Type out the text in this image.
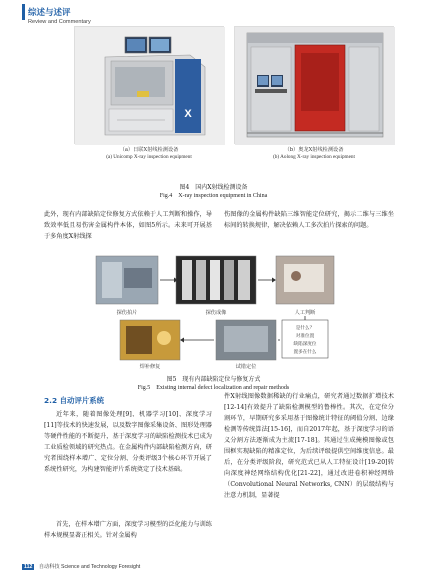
综述与述评
Review and Commentary
X
（a）日联X射线检测设备
(a) Unicomp X-ray inspection equipment
（b）奥龙X射线检测设备
(b) Aolong X-ray inspection equipment
图4　国内X射线检测设备
Fig.4　X-ray inspection equipment in China
此外，现有内部缺陷定位修复方式依赖于人工判断和操作，导致效率低且易伤害金属构件本体，如图5所示。未来可开展基于多角度X射线探
伤图像的金属构件缺陷三维智能定位研究，揭示二维与三维坐标间的转换规律，解决依赖人工多次拍片探索的问题。
探伤拍片	探伤成像	人工判断
是什么？
对准位置
缺陷深度位
置多在什么
焊补修复	试错定位
图5　现有内部缺陷定位与修复方式
Fig.5　Existing internal defect localization and repair methods
2.2 自动评片系统
近年来，随着图像处理[9]、机器学习[10]、深度学习[11]等技术的快速发展，以及数字图像采集设备、图形处理器等硬件性能的不断提升，基于深度学习的缺陷检测技术已成为工业质检领域的研究热点。在金属构件内部缺陷检测方向，研究者围绕样本增广、定位分割、分类评级3个核心环节开展了系统性研究，为构建智能评片系统奠定了技术基础。
首先，在样本增广方面，深度学习模型的泛化能力与训练样本规模显著正相关。针对金属构
件X射线图像数据稀缺的行业痛点，研究者通过数据扩增技术[12-14]有效提升了缺陷检测模型的鲁棒性。其次，在定位分割环节，早期研究多采用基于图像统计特征的阈值分割、边缘检测等传统算法[15-16]，而自2017年起，基于深度学习的语义分割方法逐渐成为主流[17-18]。其通过生成掩模图像或包围框实现缺陷的精准定位，为后续评级提供空间维度信息。最后，在分类评级阶段，研究范式已从人工特征设计[19-20]转向深度神经网络结构优化[21-22]，通过改进卷积神经网络（Convolutional Neural Networks, CNN）的层级结构与注意力机制，显著提
112 自动科技 Science and Technology Foresight
